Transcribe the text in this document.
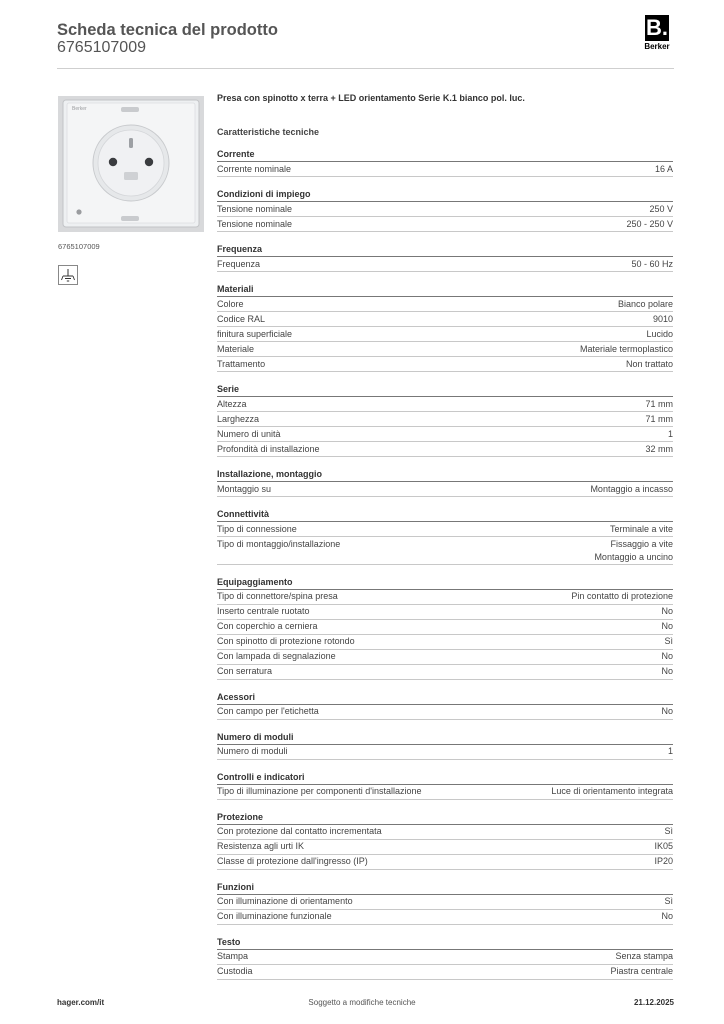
Scheda tecnica del prodotto
6765107009
B.
Berker
Berker
6765107009
Presa con spinotto x terra + LED orientamento Serie K.1 bianco pol. luc.
Caratteristiche tecniche
Corrente
Corrente nominale	16 A
Condizioni di impiego
Tensione nominale	250 V
Tensione nominale	250 - 250 V
Frequenza
Frequenza	50 - 60 Hz
Materiali
Colore	Bianco polare
Codice RAL	9010
finitura superficiale	Lucido
Materiale	Materiale termoplastico
Trattamento	Non trattato
Serie
Altezza	71 mm
Larghezza	71 mm
Numero di unità	1
Profondità di installazione	32 mm
Installazione, montaggio
Montaggio su	Montaggio a incasso
Connettività
Tipo di connessione	Terminale a vite
Tipo di montaggio/installazione	Fissaggio a vite
Montaggio a uncino
Equipaggiamento
Tipo di connettore/spina presa	Pin contatto di protezione
Inserto centrale ruotato	No
Con coperchio a cerniera	No
Con spinotto di protezione rotondo	Sì
Con lampada di segnalazione	No
Con serratura	No
Acessori
Con campo per l'etichetta	No
Numero di moduli
Numero di moduli	1
Controlli e indicatori
Tipo di illuminazione per componenti d'installazione	Luce di orientamento integrata
Protezione
Con protezione dal contatto incrementata	Sì
Resistenza agli urti IK	IK05
Classe di protezione dall'ingresso (IP)	IP20
Funzioni
Con illuminazione di orientamento	Sì
Con illuminazione funzionale	No
Testo
Stampa	Senza stampa
Custodia	Piastra centrale
hager.com/it	Soggetto a modifiche tecniche	21.12.2025
